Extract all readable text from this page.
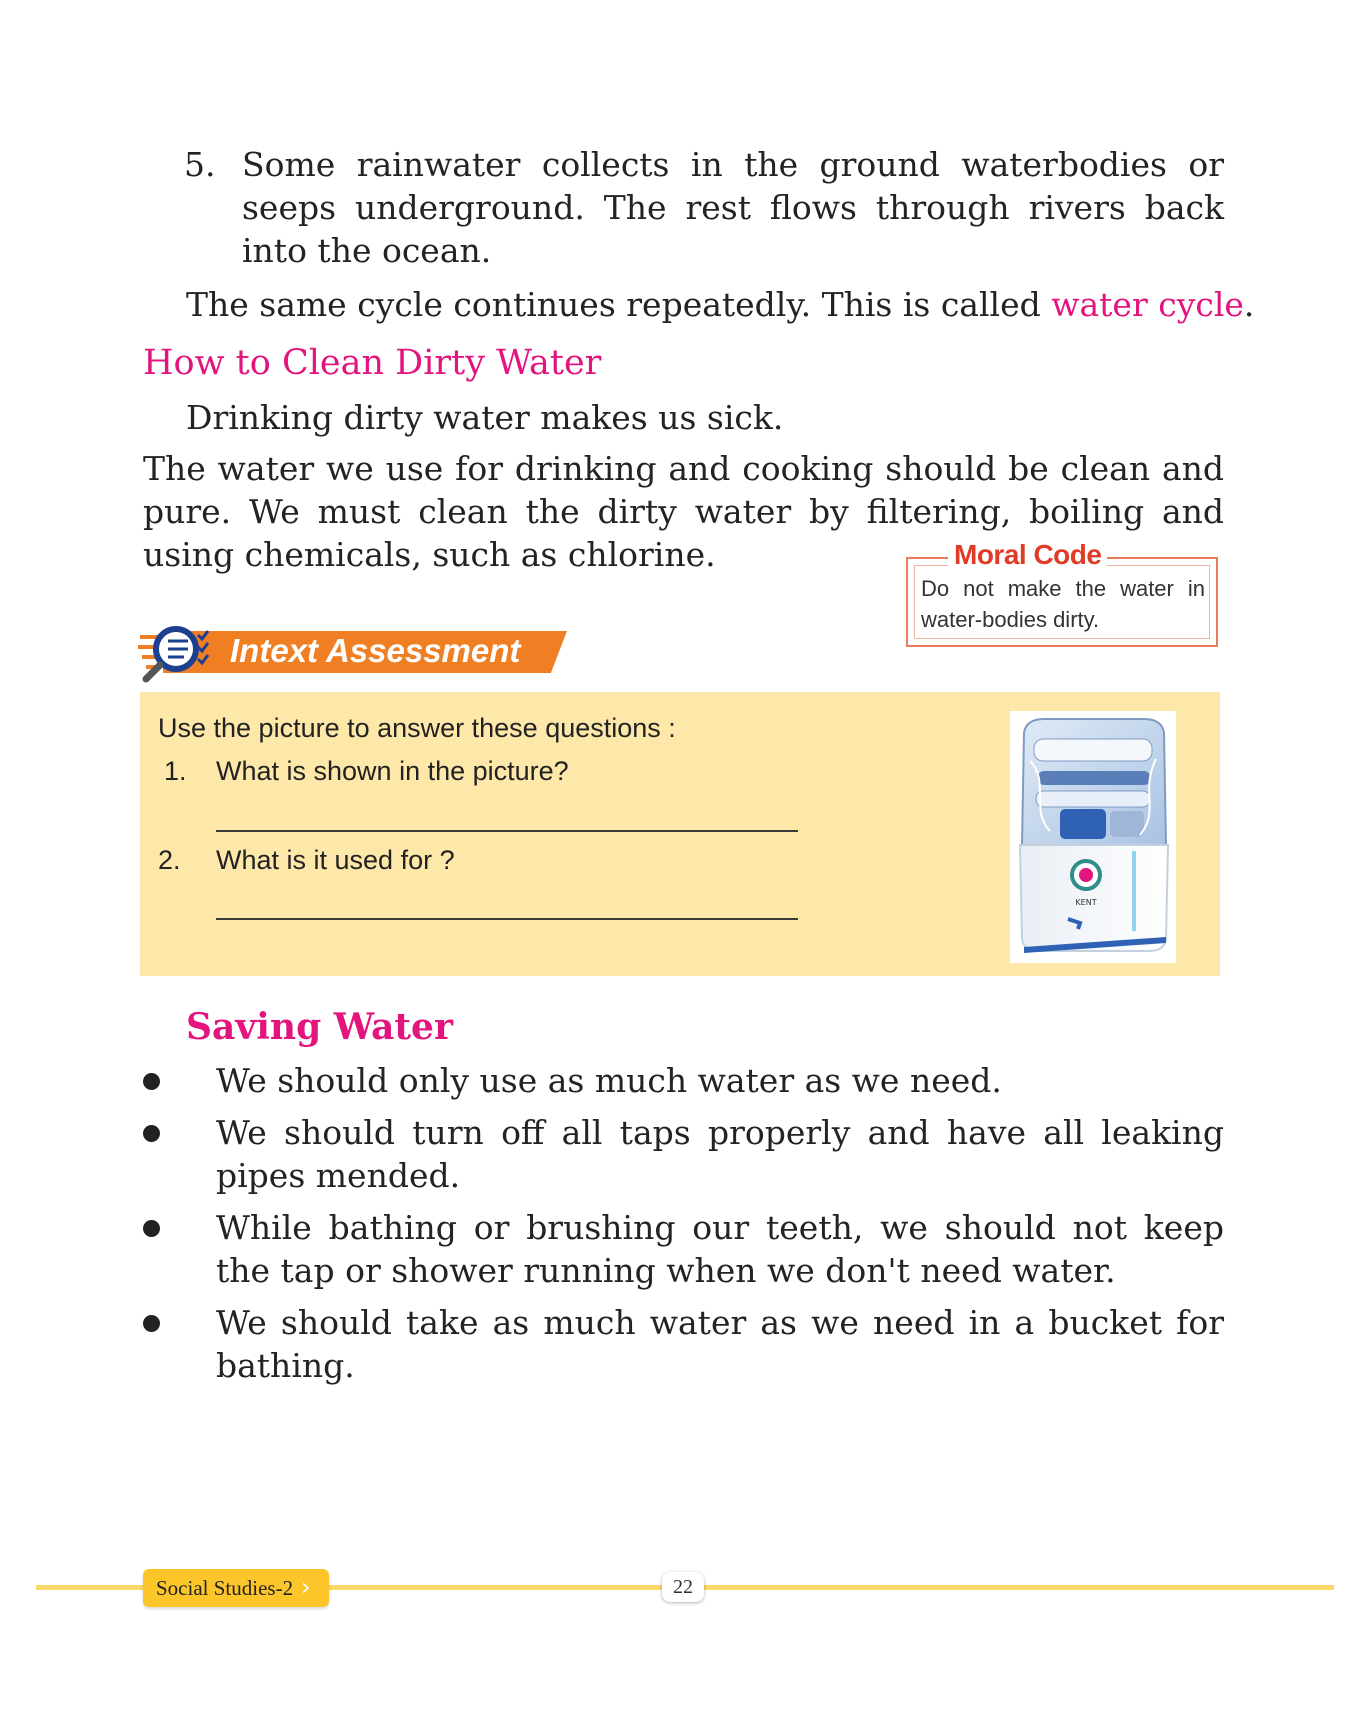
5. Some rainwater collects in the ground waterbodies or seeps underground. The rest flows through rivers back into the ocean.
The same cycle continues repeatedly. This is called water cycle.
How to Clean Dirty Water
Drinking dirty water makes us sick.
The water we use for drinking and cooking should be clean and pure. We must clean the dirty water by filtering, boiling and using chemicals, such as chlorine.	Moral Code
Do not make the water in water-bodies dirty.
Intext Assessment
Use the picture to answer these questions :
1. What is shown in the picture?
2. What is it used for ?
KENT
Saving Water
We should only use as much water as we need.
We should turn off all taps properly and have all leaking pipes mended.
While bathing or brushing our teeth, we should not keep the tap or shower running when we don't need water.
We should take as much water as we need in a bucket for bathing.
Social Studies-2 ›	22
